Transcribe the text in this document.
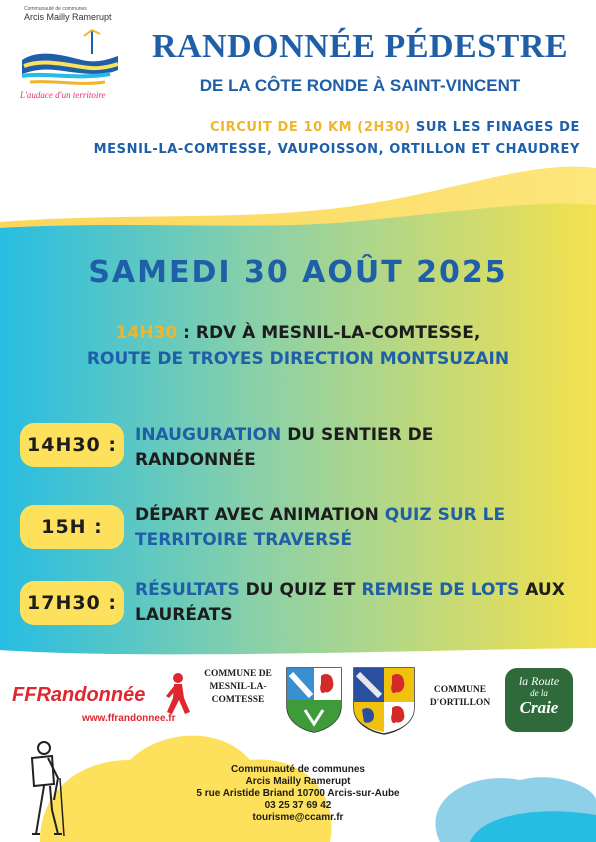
Communauté de communes
Arcis Mailly Ramerupt
L'audace d'un territoire
RANDONNÉE PÉDESTRE
DE LA CÔTE RONDE À SAINT-VINCENT
CIRCUIT DE 10 KM (2H30) SUR LES FINAGES DE
MESNIL-LA-COMTESSE, VAUPOISSON, ORTILLON ET CHAUDREY
SAMEDI 30 AOÛT 2025
14H30 : RDV À MESNIL-LA-COMTESSE,
ROUTE DE TROYES DIRECTION MONTSUZAIN
14H30 :	INAUGURATION DU SENTIER DE RANDONNÉE
15H :
DÉPART AVEC ANIMATION QUIZ SUR LE TERRITOIRE TRAVERSÉ
17H30 :
RÉSULTATS DU QUIZ ET REMISE DE LOTS AUX LAURÉATS
FFRandonnée
www.ffrandonnee.fr
COMMUNE DE
MESNIL-LA-
COMTESSE
COMMUNE
D'ORTILLON
la Route
de la
Craie
Communauté de communes
Arcis Mailly Ramerupt
5 rue Aristide Briand 10700 Arcis-sur-Aube
03 25 37 69 42
tourisme@ccamr.fr
